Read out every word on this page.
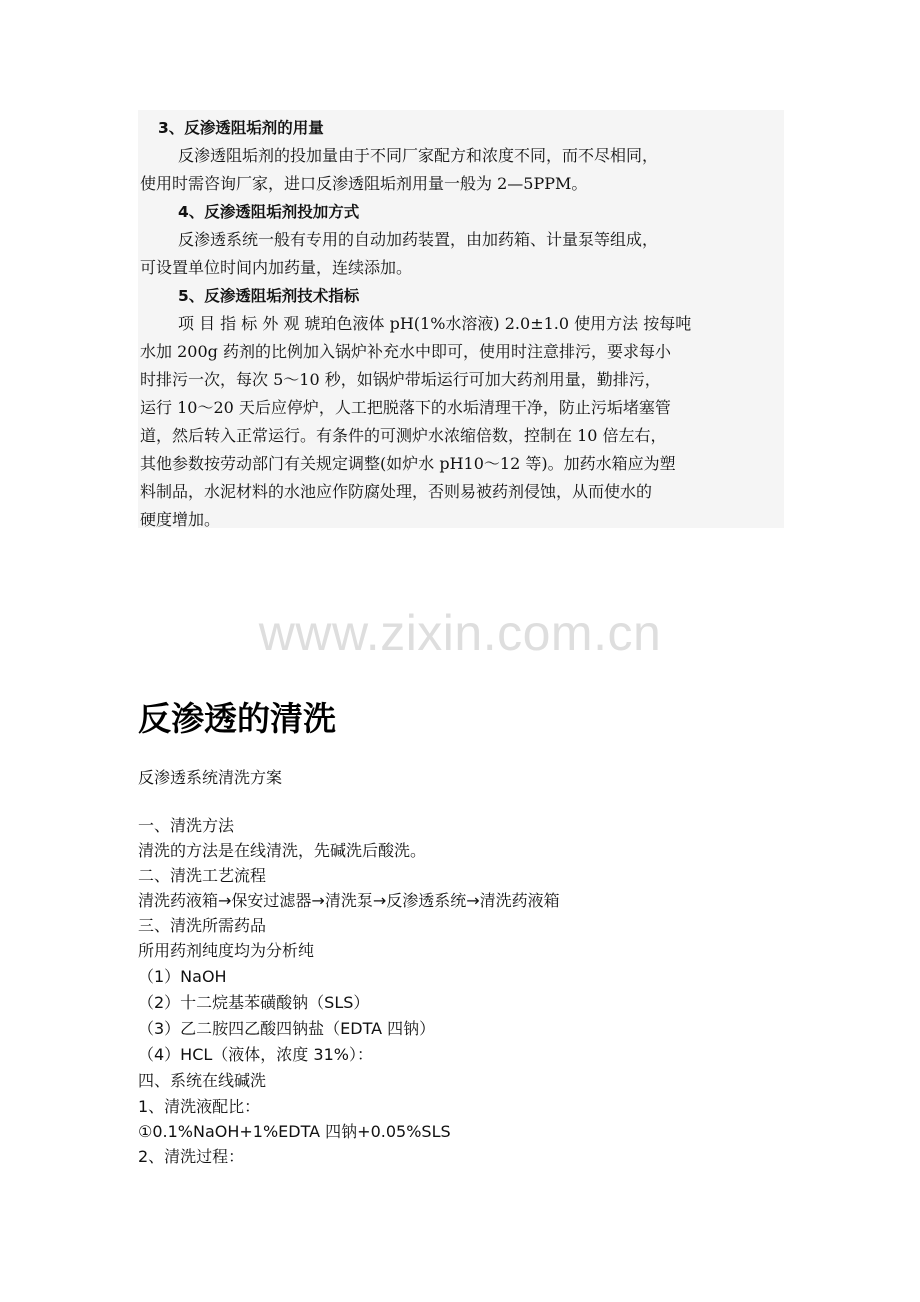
3、反渗透阻垢剂的用量
反渗透阻垢剂的投加量由于不同厂家配方和浓度不同，而不尽相同，
使用时需咨询厂家，进口反渗透阻垢剂用量一般为 2—5PPM。
4、反渗透阻垢剂投加方式
反渗透系统一般有专用的自动加药装置，由加药箱、计量泵等组成，
可设置单位时间内加药量，连续添加。
5、反渗透阻垢剂技术指标
项 目 指 标 外 观 琥珀色液体 pH(1%水溶液) 2.0±1.0 使用方法 按每吨
水加 200g 药剂的比例加入锅炉补充水中即可，使用时注意排污，要求每小
时排污一次，每次 5～10 秒，如锅炉带垢运行可加大药剂用量，勤排污，
运行 10～20 天后应停炉，人工把脱落下的水垢清理干净，防止污垢堵塞管
道，然后转入正常运行。有条件的可测炉水浓缩倍数，控制在 10 倍左右，
其他参数按劳动部门有关规定调整(如炉水 pH10～12 等)。加药水箱应为塑
料制品，水泥材料的水池应作防腐处理，否则易被药剂侵蚀，从而使水的
硬度增加。
www.zixin.com.cn
反渗透的清洗
反渗透系统清洗方案
一、清洗方法
清洗的方法是在线清洗，先碱洗后酸洗。
二、清洗工艺流程
清洗药液箱→保安过滤器→清洗泵→反渗透系统→清洗药液箱
三、清洗所需药品
所用药剂纯度均为分析纯
（1）NaOH
（2）十二烷基苯磺酸钠（SLS）
（3）乙二胺四乙酸四钠盐（EDTA 四钠）
（4）HCL（液体，浓度 31%）：
四、系统在线碱洗
1、清洗液配比：
①0.1%NaOH+1%EDTA 四钠+0.05%SLS
2、清洗过程：
